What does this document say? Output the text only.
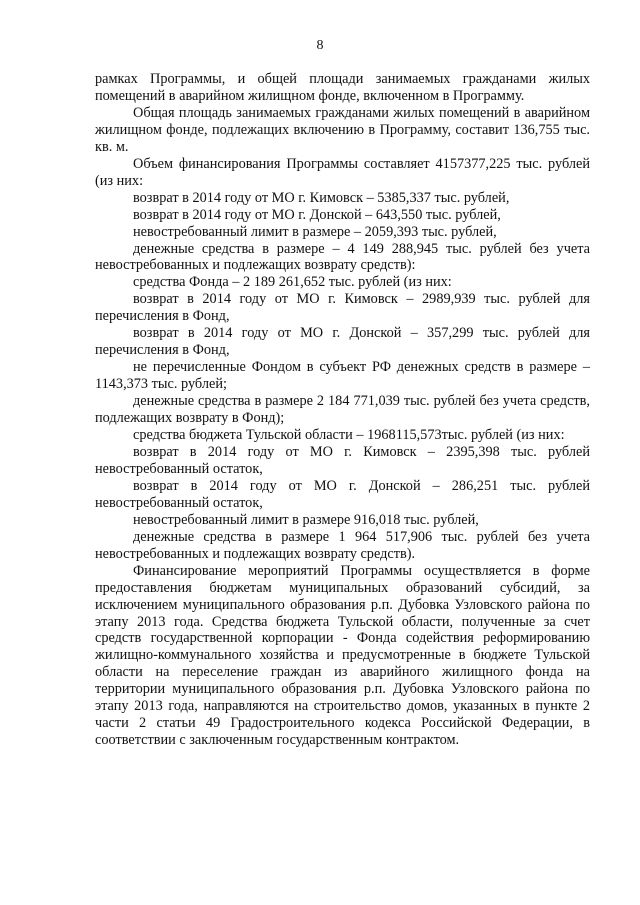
8

рамках Программы, и общей площади занимаемых гражданами жилых помещений в аварийном жилищном фонде, включенном в Программу.

Общая площадь занимаемых гражданами жилых помещений в аварийном жилищном фонде, подлежащих включению в Программу, составит 136,755 тыс. кв. м.

Объем финансирования Программы составляет 4157377,225 тыс. рублей (из них:

возврат в 2014 году от МО г. Кимовск – 5385,337 тыс. рублей,

возврат в 2014 году от МО г. Донской – 643,550 тыс. рублей,

невостребованный лимит в размере – 2059,393 тыс. рублей,

денежные средства в размере – 4 149 288,945 тыс. рублей без учета невостребованных и подлежащих возврату средств):

средства Фонда – 2 189 261,652 тыс. рублей (из них:

возврат в 2014 году от МО г. Кимовск – 2989,939 тыс. рублей для перечисления в Фонд,

возврат в 2014 году от МО г. Донской – 357,299 тыс. рублей для перечисления в Фонд,

не перечисленные Фондом в субъект РФ денежных средств в размере – 1143,373 тыс. рублей;

денежные средства в размере 2 184 771,039 тыс. рублей без учета средств, подлежащих возврату в Фонд);

средства бюджета Тульской области – 1968115,573тыс. рублей (из них:

возврат в 2014 году от МО г. Кимовск – 2395,398 тыс. рублей невостребованный остаток,

возврат в 2014 году от МО г. Донской – 286,251 тыс. рублей невостребованный остаток,

невостребованный лимит в размере 916,018 тыс. рублей,

денежные средства в размере 1 964 517,906 тыс. рублей без учета невостребованных и подлежащих возврату средств).

Финансирование мероприятий Программы осуществляется в форме предоставления бюджетам муниципальных образований субсидий, за исключением муниципального образования р.п. Дубовка Узловского района по этапу 2013 года. Средства бюджета Тульской области, полученные за счет средств государственной корпорации - Фонда содействия реформированию жилищно-коммунального хозяйства и предусмотренные в бюджете Тульской области на переселение граждан из аварийного жилищного фонда на территории муниципального образования р.п. Дубовка Узловского района по этапу 2013 года, направляются на строительство домов, указанных в пункте 2 части 2 статьи 49 Градостроительного кодекса Российской Федерации, в соответствии с заключенным государственным контрактом.
